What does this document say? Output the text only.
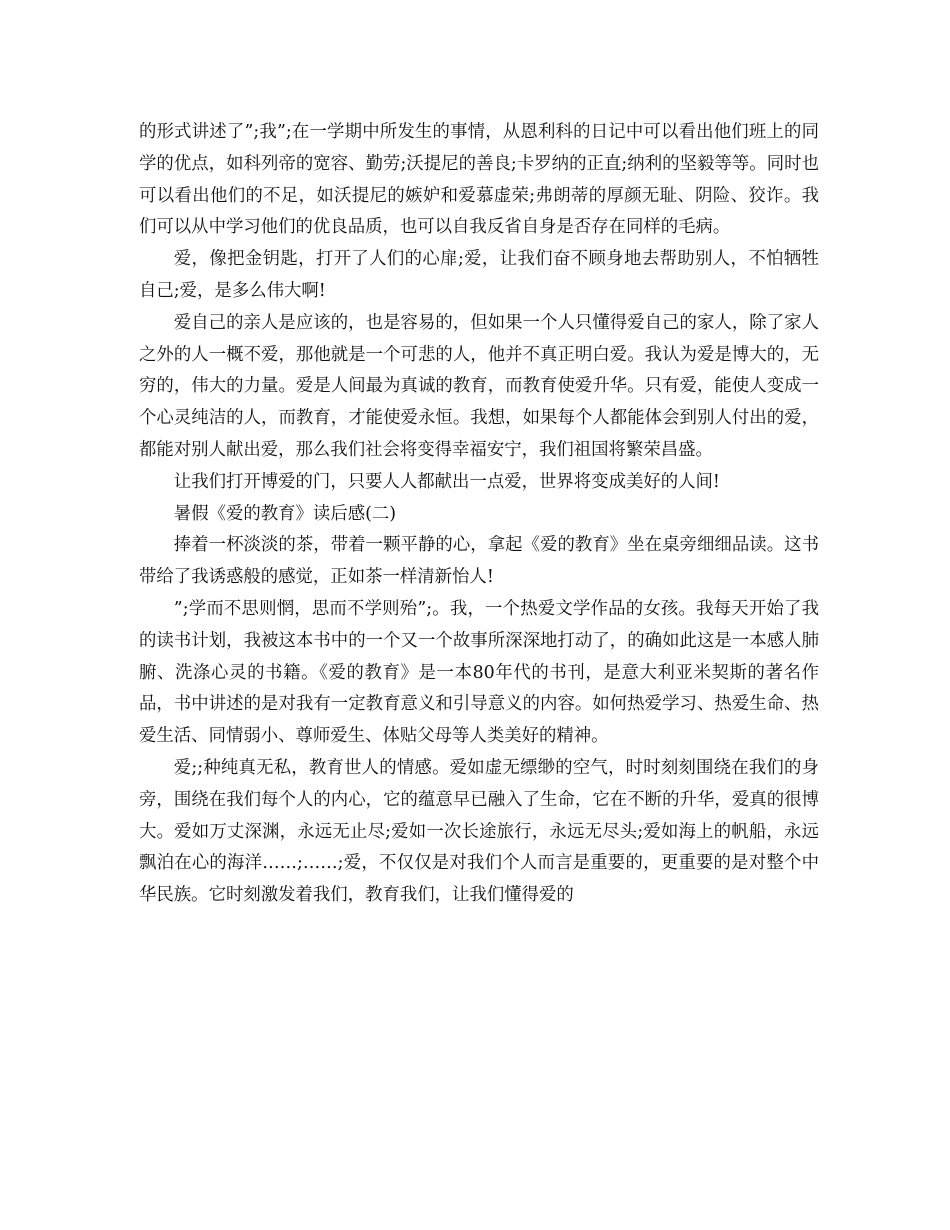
的形式讲述了”;我”;在一学期中所发生的事情，从恩利科的日记中可以看出他们班上的同学的优点，如科列帝的宽容、勤劳;沃提尼的善良;卡罗纳的正直;纳利的坚毅等等。同时也可以看出他们的不足，如沃提尼的嫉妒和爱慕虚荣;弗朗蒂的厚颜无耻、阴险、狡诈。我们可以从中学习他们的优良品质，也可以自我反省自身是否存在同样的毛病。

爱，像把金钥匙，打开了人们的心扉;爱，让我们奋不顾身地去帮助别人，不怕牺牲自己;爱，是多么伟大啊!

爱自己的亲人是应该的，也是容易的，但如果一个人只懂得爱自己的家人，除了家人之外的人一概不爱，那他就是一个可悲的人，他并不真正明白爱。我认为爱是博大的，无穷的，伟大的力量。爱是人间最为真诚的教育，而教育使爱升华。只有爱，能使人变成一个心灵纯洁的人，而教育，才能使爱永恒。我想，如果每个人都能体会到别人付出的爱，都能对别人献出爱，那么我们社会将变得幸福安宁，我们祖国将繁荣昌盛。

让我们打开博爱的门，只要人人都献出一点爱，世界将变成美好的人间!

暑假《爱的教育》读后感(二)

捧着一杯淡淡的茶，带着一颗平静的心，拿起《爱的教育》坐在桌旁细细品读。这书带给了我诱惑般的感觉，正如茶一样清新怡人!

”;学而不思则惘，思而不学则殆”;。我，一个热爱文学作品的女孩。我每天开始了我的读书计划，我被这本书中的一个又一个故事所深深地打动了，的确如此这是一本感人肺腑、洗涤心灵的书籍。《爱的教育》是一本80年代的书刊，是意大利亚米契斯的著名作品，书中讲述的是对我有一定教育意义和引导意义的内容。如何热爱学习、热爱生命、热爱生活、同情弱小、尊师爱生、体贴父母等人类美好的精神。

爱;;种纯真无私，教育世人的情感。爱如虚无缥缈的空气，时时刻刻围绕在我们的身旁，围绕在我们每个人的内心，它的蕴意早已融入了生命，它在不断的升华，爱真的很博大。爱如万丈深渊，永远无止尽;爱如一次长途旅行，永远无尽头;爱如海上的帆船，永远飘泊在心的海洋……;……;爱，不仅仅是对我们个人而言是重要的，更重要的是对整个中华民族。它时刻激发着我们，教育我们，让我们懂得爱的
